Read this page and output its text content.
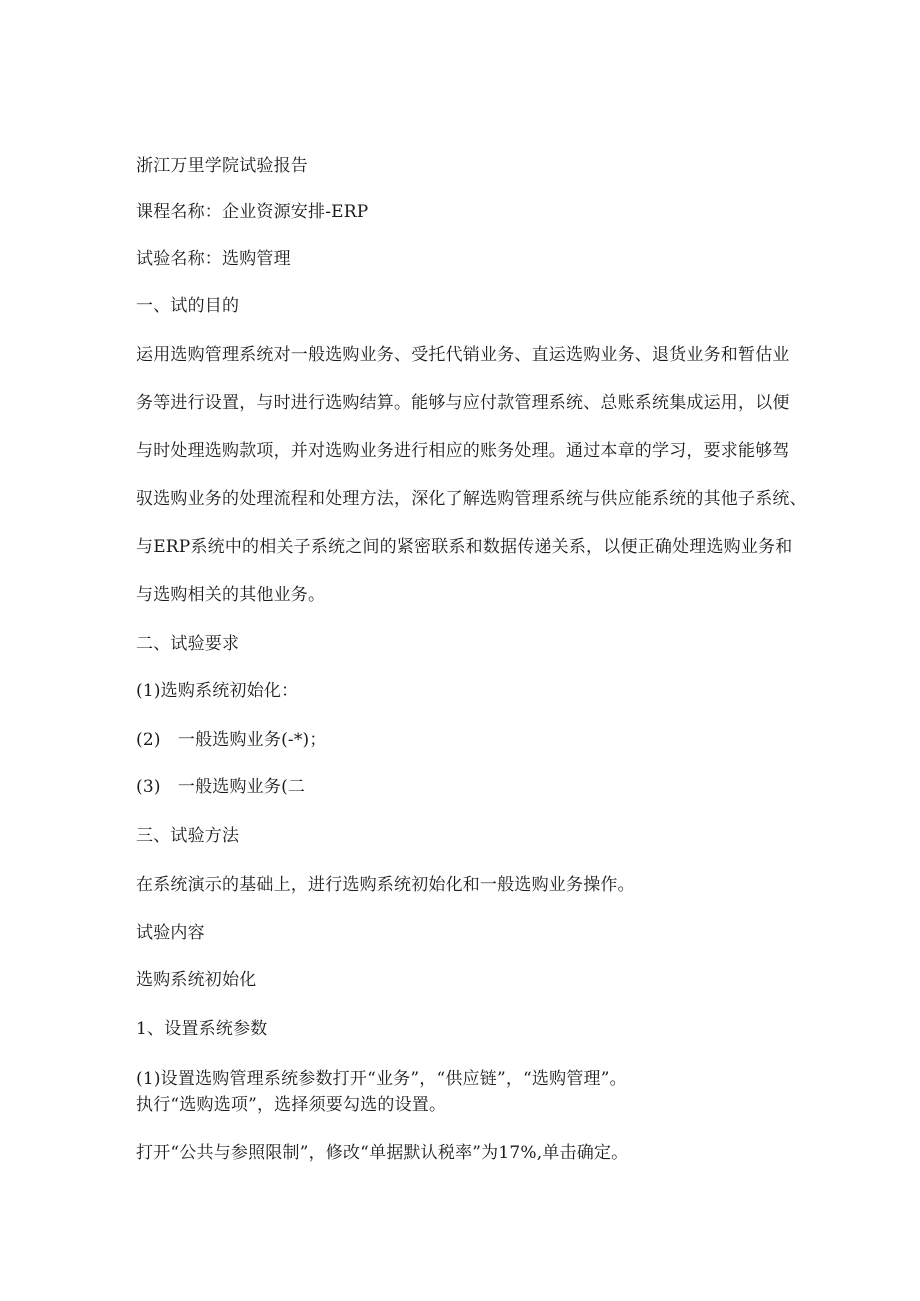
浙江万里学院试验报告
课程名称：企业资源安排-ERP
试验名称：选购管理
一、试的目的
运用选购管理系统对一般选购业务、受托代销业务、直运选购业务、退货业务和暂估业
务等进行设置，与时进行选购结算。能够与应付款管理系统、总账系统集成运用，以便
与时处理选购款项，并对选购业务进行相应的账务处理。通过本章的学习，要求能够驾
驭选购业务的处理流程和处理方法，深化了解选购管理系统与供应能系统的其他子系统、
与ERP系统中的相关子系统之间的紧密联系和数据传递关系，以便正确处理选购业务和
与选购相关的其他业务。
二、试验要求
(1)选购系统初始化：
(2)　一般选购业务(-*)；
(3)　一般选购业务(二
三、试验方法
在系统演示的基础上，进行选购系统初始化和一般选购业务操作。
试验内容
选购系统初始化
1、设置系统参数
(1)设置选购管理系统参数打开“业务”，“供应链”，“选购管理”。
执行“选购选项”，选择须要勾选的设置。
打开“公共与参照限制”，修改“单据默认税率”为17%,单击确定。
